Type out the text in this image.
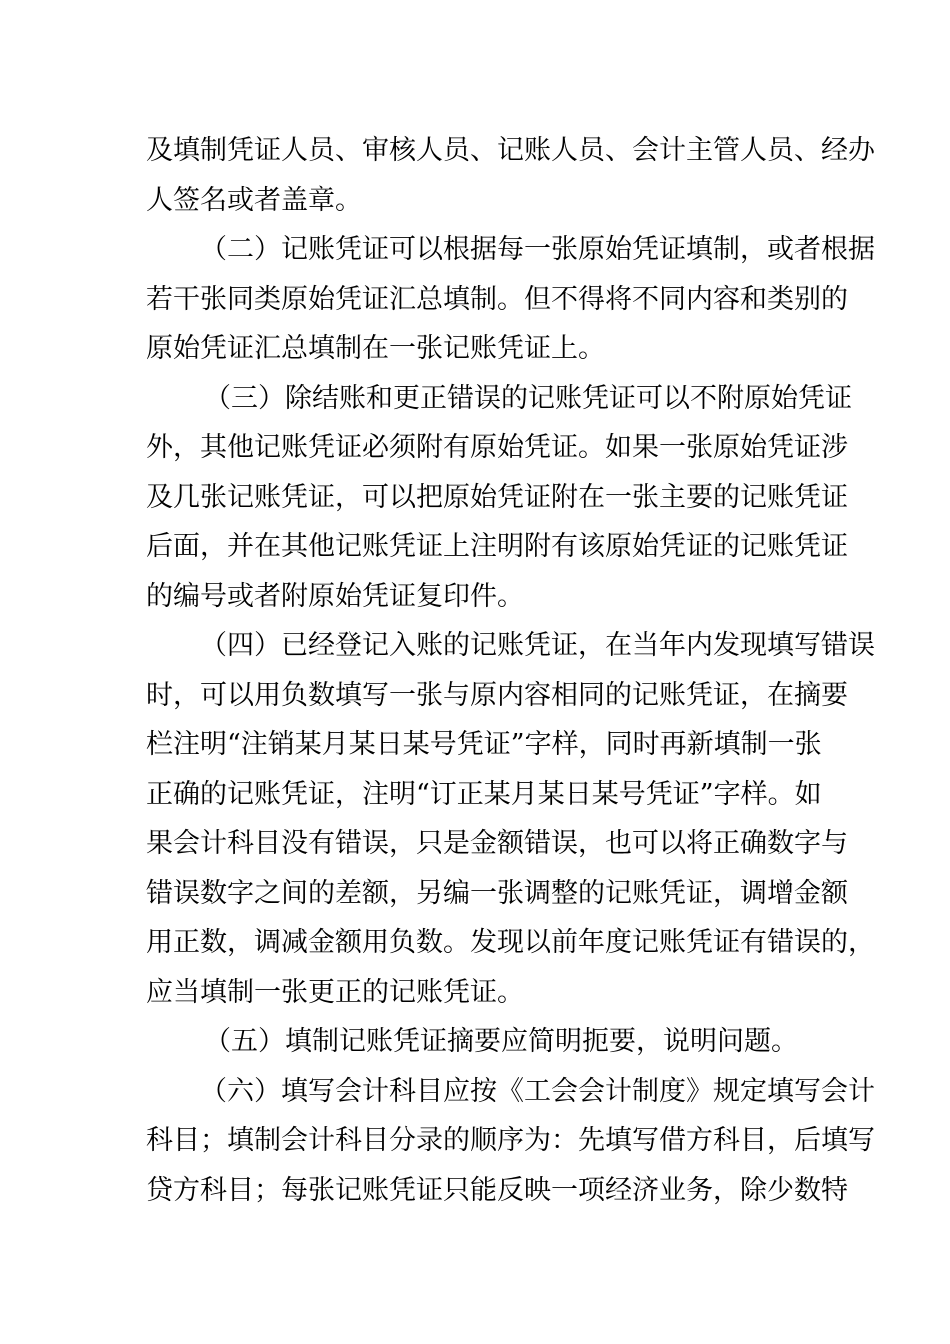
及填制凭证人员、审核人员、记账人员、会计主管人员、经办
人签名或者盖章。
（二）记账凭证可以根据每一张原始凭证填制，或者根据
若干张同类原始凭证汇总填制。但不得将不同内容和类别的
原始凭证汇总填制在一张记账凭证上。
（三）除结账和更正错误的记账凭证可以不附原始凭证
外，其他记账凭证必须附有原始凭证。如果一张原始凭证涉
及几张记账凭证，可以把原始凭证附在一张主要的记账凭证
后面，并在其他记账凭证上注明附有该原始凭证的记账凭证
的编号或者附原始凭证复印件。
（四）已经登记入账的记账凭证，在当年内发现填写错误
时，可以用负数填写一张与原内容相同的记账凭证，在摘要
栏注明“注销某月某日某号凭证”字样，同时再新填制一张
正确的记账凭证，注明“订正某月某日某号凭证”字样。如
果会计科目没有错误，只是金额错误，也可以将正确数字与
错误数字之间的差额，另编一张调整的记账凭证，调增金额
用正数，调减金额用负数。发现以前年度记账凭证有错误的，
应当填制一张更正的记账凭证。
（五）填制记账凭证摘要应简明扼要，说明问题。
（六）填写会计科目应按《工会会计制度》规定填写会计
科目；填制会计科目分录的顺序为：先填写借方科目，后填写
贷方科目；每张记账凭证只能反映一项经济业务，除少数特
